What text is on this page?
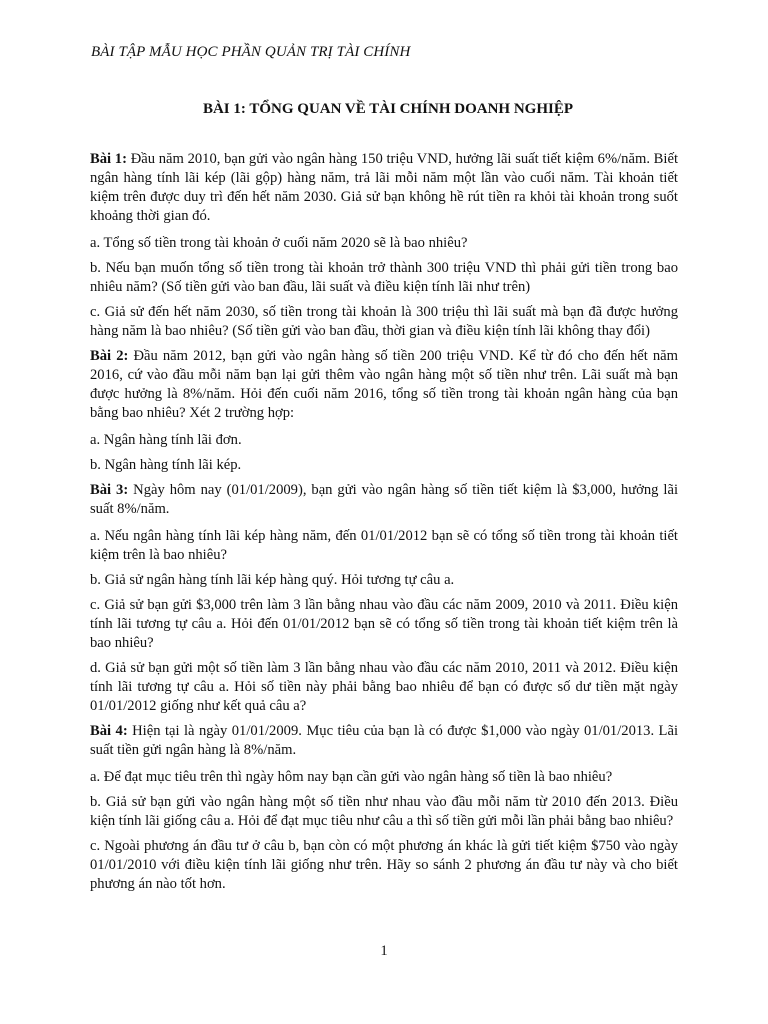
BÀI TẬP MẪU HỌC PHẦN QUẢN TRỊ TÀI CHÍNH
BÀI 1: TỔNG QUAN VỀ TÀI CHÍNH DOANH NGHIỆP

Bài 1: Đầu năm 2010, bạn gửi vào ngân hàng 150 triệu VND, hưởng lãi suất tiết kiệm 6%/năm. Biết ngân hàng tính lãi kép (lãi gộp) hàng năm, trả lãi mỗi năm một lần vào cuối năm. Tài khoản tiết kiệm trên được duy trì đến hết năm 2030. Giả sử bạn không hề rút tiền ra khỏi tài khoản trong suốt khoảng thời gian đó.

a. Tổng số tiền trong tài khoản ở cuối năm 2020 sẽ là bao nhiêu?

b. Nếu bạn muốn tổng số tiền trong tài khoản trở thành 300 triệu VND thì phải gửi tiền trong bao nhiêu năm? (Số tiền gửi vào ban đầu, lãi suất và điều kiện tính lãi như trên)

c. Giả sử đến hết năm 2030, số tiền trong tài khoản là 300 triệu thì lãi suất mà bạn đã được hưởng hàng năm là bao nhiêu? (Số tiền gửi vào ban đầu, thời gian và điều kiện tính lãi không thay đổi)

Bài 2: Đầu năm 2012, bạn gửi vào ngân hàng số tiền 200 triệu VND. Kể từ đó cho đến hết năm 2016, cứ vào đầu mỗi năm bạn lại gửi thêm vào ngân hàng một số tiền như trên. Lãi suất mà bạn được hưởng là 8%/năm. Hỏi đến cuối năm 2016, tổng số tiền trong tài khoản ngân hàng của bạn bằng bao nhiêu? Xét 2 trường hợp:

a. Ngân hàng tính lãi đơn.

b. Ngân hàng tính lãi kép.

Bài 3: Ngày hôm nay (01/01/2009), bạn gửi vào ngân hàng số tiền tiết kiệm là $3,000, hưởng lãi suất 8%/năm.

a. Nếu ngân hàng tính lãi kép hàng năm, đến 01/01/2012 bạn sẽ có tổng số tiền trong tài khoản tiết kiệm trên là bao nhiêu?

b. Giả sử ngân hàng tính lãi kép hàng quý. Hỏi tương tự câu a.

c. Giả sử bạn gửi $3,000 trên làm 3 lần bằng nhau vào đầu các năm 2009, 2010 và 2011. Điều kiện tính lãi tương tự câu a. Hỏi đến 01/01/2012 bạn sẽ có tổng số tiền trong tài khoản tiết kiệm trên là bao nhiêu?

d. Giả sử bạn gửi một số tiền làm 3 lần bằng nhau vào đầu các năm 2010, 2011 và 2012. Điều kiện tính lãi tương tự câu a. Hỏi số tiền này phải bằng bao nhiêu để bạn có được số dư tiền mặt ngày 01/01/2012 giống như kết quả câu a?

Bài 4: Hiện tại là ngày 01/01/2009. Mục tiêu của bạn là có được $1,000 vào ngày 01/01/2013. Lãi suất tiền gửi ngân hàng là 8%/năm.

a. Để đạt mục tiêu trên thì ngày hôm nay bạn cần gửi vào ngân hàng số tiền là bao nhiêu?

b. Giả sử bạn gửi vào ngân hàng một số tiền như nhau vào đầu mỗi năm từ 2010 đến 2013. Điều kiện tính lãi giống câu a. Hỏi để đạt mục tiêu như câu a thì số tiền gửi mỗi lần phải bằng bao nhiêu?

c. Ngoài phương án đầu tư ở câu b, bạn còn có một phương án khác là gửi tiết kiệm $750 vào ngày 01/01/2010 với điều kiện tính lãi giống như trên. Hãy so sánh 2 phương án đầu tư này và cho biết phương án nào tốt hơn.

1
